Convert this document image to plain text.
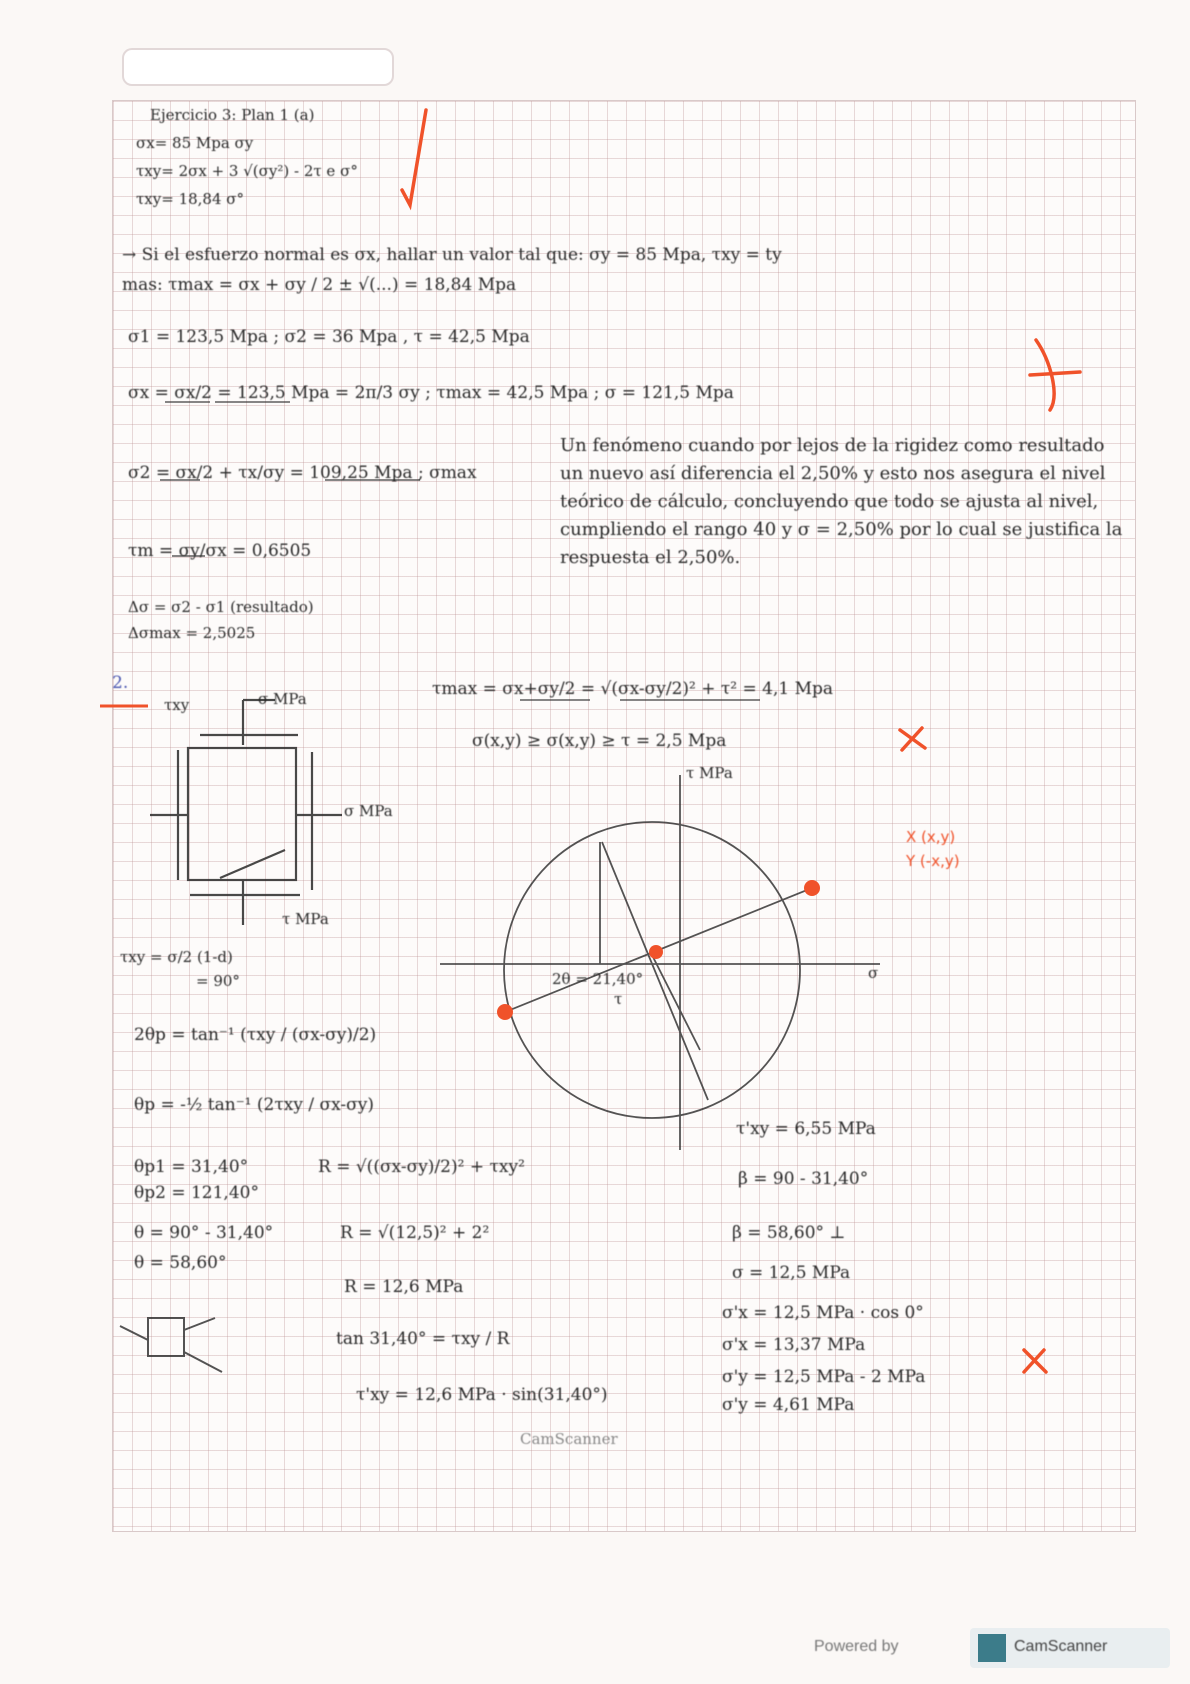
Ejercicio 3: Plan 1 (a)
σx= 85 Mpa σy
τxy= 2σx + 3 √(σy²) - 2τ e σ°
τxy= 18,84 σ°
→ Si el esfuerzo normal es σx, hallar un valor tal que: σy = 85 Mpa, τxy = ty
mas: τmax = σx + σy / 2 ± √(...) = 18,84 Mpa
σ1 = 123,5 Mpa ; σ2 = 36 Mpa , τ = 42,5 Mpa
σx = σx/2 = 123,5 Mpa = 2π/3 σy ; τmax = 42,5 Mpa ; σ = 121,5 Mpa
σ2 = σx/2 + τx/σy = 109,25 Mpa ; σmax
τm = σy/σx = 0,6505
Δσ = σ2 - σ1 (resultado)
Δσmax = 2,5025
Un fenómeno cuando por lejos de la rigidez como resultado un nuevo así diferencia el 2,50% y esto nos asegura el nivel teórico de cálculo, concluyendo que todo se ajusta al nivel, cumpliendo el rango 40 y σ = 2,50% por lo cual se justifica la respuesta el 2,50%.
2.
τxy	σ MPa
σ MPa
τ MPa
τxy = σ/2 (1-d)
= 90°
τmax = σx+σy/2 = √(σx-σy/2)² + τ² = 4,1 Mpa
σ(x,y) ≥ σ(x,y) ≥ τ = 2,5 Mpa
2θp = tan⁻¹ (τxy / (σx-σy)/2)
θp = -½ tan⁻¹ (2τxy / σx-σy)
θp1 = 31,40°
θp2 = 121,40°
R = √((σx-σy)/2)² + τxy²
θ = 90° - 31,40°
θ = 58,60°
R = √(12,5)² + 2²
R = 12,6 MPa
tan 31,40° = τxy / R
τ'xy = 12,6 MPa · sin(31,40°)
τ MPa
σ
2θ = 21,40°
τ
X (x,y)
Y (-x,y)
τ'xy = 6,55 MPa
β = 90 - 31,40°
β = 58,60° ⊥
σ = 12,5 MPa
σ'x = 12,5 MPa · cos 0°
σ'x = 13,37 MPa
σ'y = 12,5 MPa - 2 MPa
σ'y = 4,61 MPa
CamScanner
Powered by	CamScanner
